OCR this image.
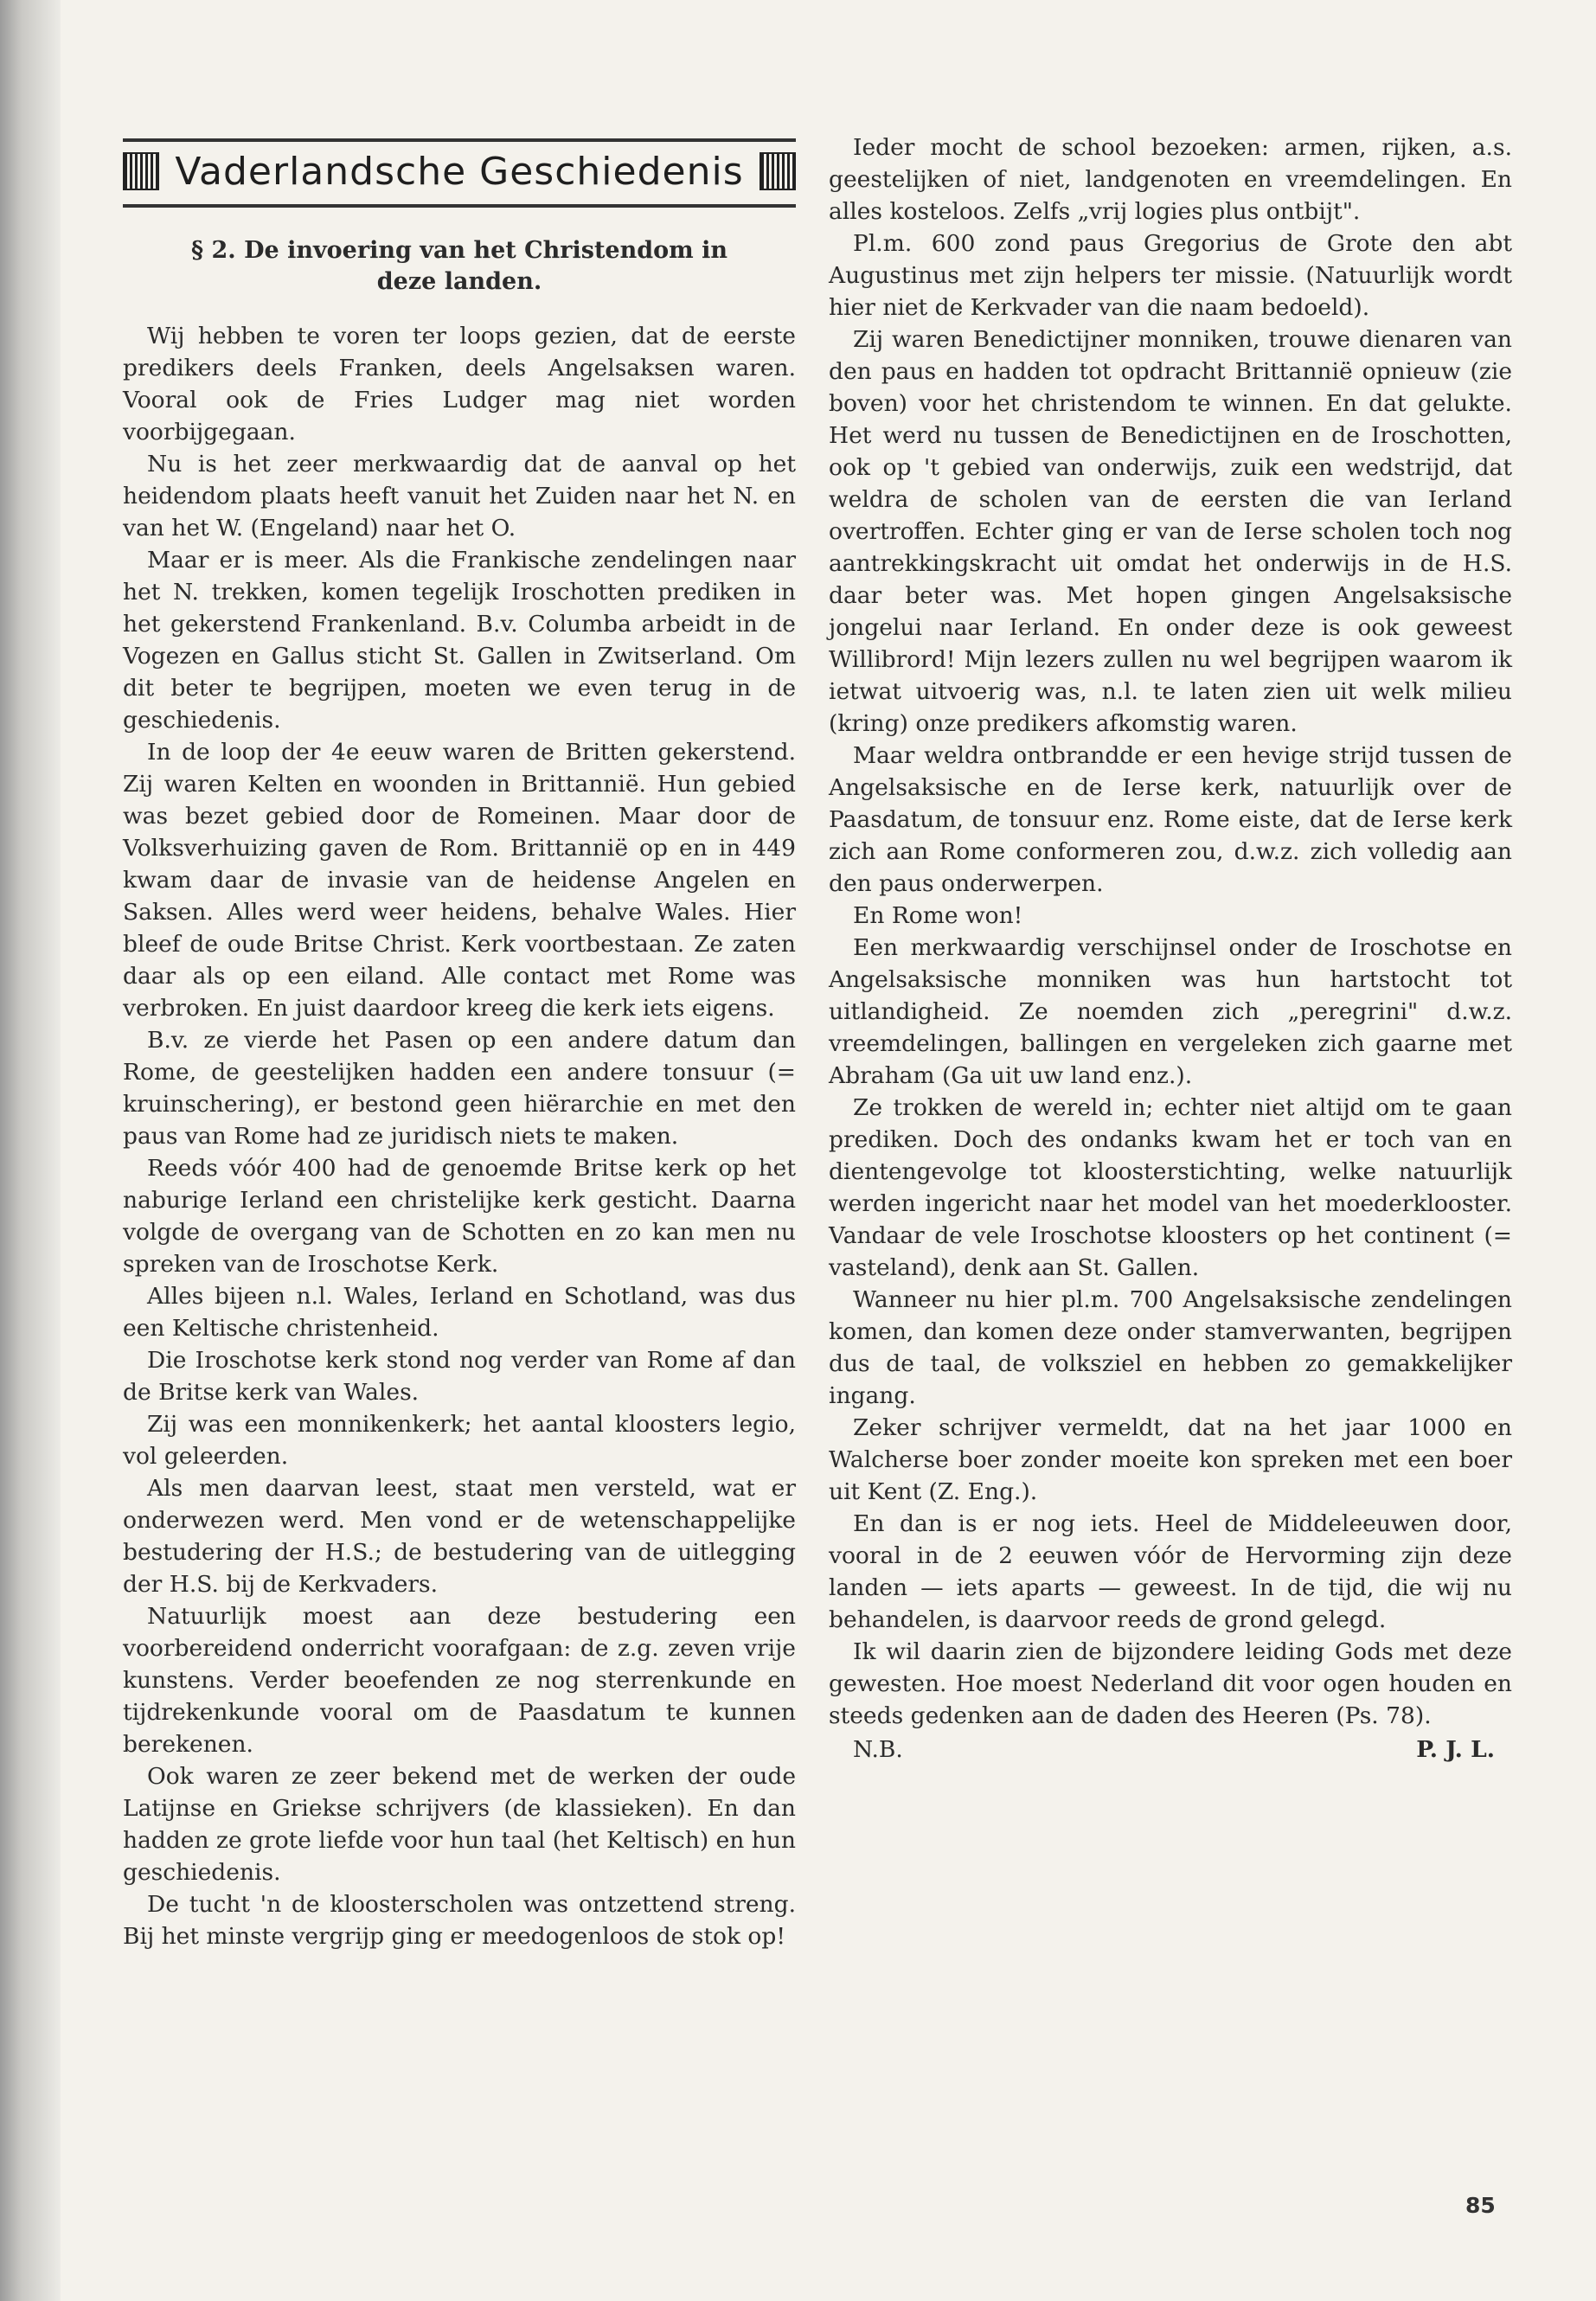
Vaderlandsche Geschiedenis
§ 2. De invoering van het Christendom in
deze landen.

Wij hebben te voren ter loops gezien, dat de eerste predikers deels Franken, deels Angelsaksen waren. Vooral ook de Fries Ludger mag niet worden voorbijgegaan.

Nu is het zeer merkwaardig dat de aanval op het heidendom plaats heeft vanuit het Zuiden naar het N. en van het W. (Engeland) naar het O.

Maar er is meer. Als die Frankische zendelingen naar het N. trekken, komen tegelijk Iroschotten prediken in het gekerstend Frankenland. B.v. Columba arbeidt in de Vogezen en Gallus sticht St. Gallen in Zwitserland. Om dit beter te begrijpen, moeten we even terug in de geschiedenis.

In de loop der 4e eeuw waren de Britten gekerstend. Zij waren Kelten en woonden in Brittannië. Hun gebied was bezet gebied door de Romeinen. Maar door de Volksverhuizing gaven de Rom. Brittannië op en in 449 kwam daar de invasie van de heidense Angelen en Saksen. Alles werd weer heidens, behalve Wales. Hier bleef de oude Britse Christ. Kerk voortbestaan. Ze zaten daar als op een eiland. Alle contact met Rome was verbroken. En juist daardoor kreeg die kerk iets eigens.

B.v. ze vierde het Pasen op een andere datum dan Rome, de geestelijken hadden een andere tonsuur (= kruinschering), er bestond geen hiërarchie en met den paus van Rome had ze juridisch niets te maken.

Reeds vóór 400 had de genoemde Britse kerk op het naburige Ierland een christelijke kerk gesticht. Daarna volgde de overgang van de Schotten en zo kan men nu spreken van de Iroschotse Kerk.

Alles bijeen n.l. Wales, Ierland en Schotland, was dus een Keltische christenheid.

Die Iroschotse kerk stond nog verder van Rome af dan de Britse kerk van Wales.

Zij was een monnikenkerk; het aantal kloosters legio, vol geleerden.

Als men daarvan leest, staat men versteld, wat er onderwezen werd. Men vond er de wetenschappelijke bestudering der H.S.; de bestudering van de uitlegging der H.S. bij de Kerkvaders.

Natuurlijk moest aan deze bestudering een voorbereidend onderricht voorafgaan: de z.g. zeven vrije kunstens. Verder beoefenden ze nog sterrenkunde en tijdrekenkunde vooral om de Paasdatum te kunnen berekenen.

Ook waren ze zeer bekend met de werken der oude Latijnse en Griekse schrijvers (de klassieken). En dan hadden ze grote liefde voor hun taal (het Keltisch) en hun geschiedenis.

De tucht 'n de kloosterscholen was ontzettend streng. Bij het minste vergrijp ging er meedogenloos de stok op!

Ieder mocht de school bezoeken: armen, rijken, a.s. geestelijken of niet, landgenoten en vreemdelingen. En alles kosteloos. Zelfs „vrij logies plus ontbijt".

Pl.m. 600 zond paus Gregorius de Grote den abt Augustinus met zijn helpers ter missie. (Natuurlijk wordt hier niet de Kerkvader van die naam bedoeld).

Zij waren Benedictijner monniken, trouwe dienaren van den paus en hadden tot opdracht Brittannië opnieuw (zie boven) voor het christendom te winnen. En dat gelukte. Het werd nu tussen de Benedictijnen en de Iroschotten, ook op 't gebied van onderwijs, zuik een wedstrijd, dat weldra de scholen van de eersten die van Ierland overtroffen. Echter ging er van de Ierse scholen toch nog aantrekkingskracht uit omdat het onderwijs in de H.S. daar beter was. Met hopen gingen Angelsaksische jongelui naar Ierland. En onder deze is ook geweest Willibrord! Mijn lezers zullen nu wel begrijpen waarom ik ietwat uitvoerig was, n.l. te laten zien uit welk milieu (kring) onze predikers afkomstig waren.

Maar weldra ontbrandde er een hevige strijd tussen de Angelsaksische en de Ierse kerk, natuurlijk over de Paasdatum, de tonsuur enz. Rome eiste, dat de Ierse kerk zich aan Rome conformeren zou, d.w.z. zich volledig aan den paus onderwerpen.

En Rome won!

Een merkwaardig verschijnsel onder de Iroschotse en Angelsaksische monniken was hun hartstocht tot uitlandigheid. Ze noemden zich „peregrini" d.w.z. vreemdelingen, ballingen en vergeleken zich gaarne met Abraham (Ga uit uw land enz.).

Ze trokken de wereld in; echter niet altijd om te gaan prediken. Doch des ondanks kwam het er toch van en dientengevolge tot kloosterstichting, welke natuurlijk werden ingericht naar het model van het moederklooster. Vandaar de vele Iroschotse kloosters op het continent (= vasteland), denk aan St. Gallen.

Wanneer nu hier pl.m. 700 Angelsaksische zendelingen komen, dan komen deze onder stamverwanten, begrijpen dus de taal, de volksziel en hebben zo gemakkelijker ingang.

Zeker schrijver vermeldt, dat na het jaar 1000 en Walcherse boer zonder moeite kon spreken met een boer uit Kent (Z. Eng.).

En dan is er nog iets. Heel de Middeleeuwen door, vooral in de 2 eeuwen vóór de Hervorming zijn deze landen — iets aparts — geweest. In de tijd, die wij nu behandelen, is daarvoor reeds de grond gelegd.

Ik wil daarin zien de bijzondere leiding Gods met deze gewesten. Hoe moest Nederland dit voor ogen houden en steeds gedenken aan de daden des Heeren (Ps. 78).

N.B.	P. J. L.
85
